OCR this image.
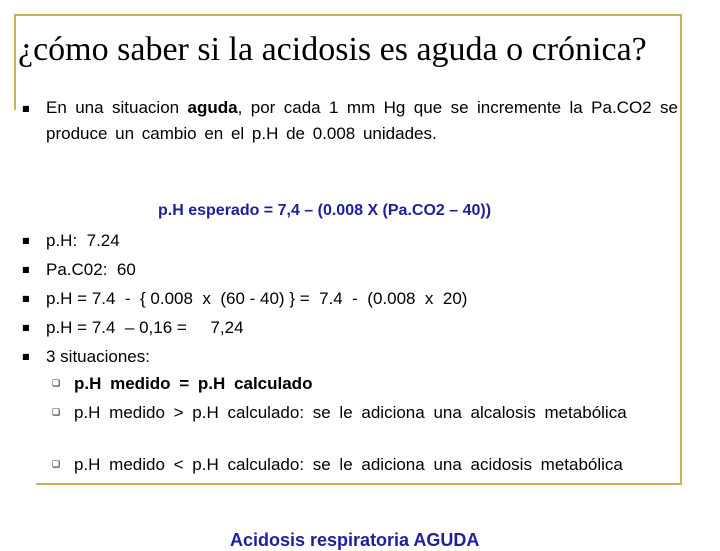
¿cómo saber si la acidosis es aguda o crónica?
■ En una situacion aguda, por cada 1 mm Hg que se incremente la Pa.CO2 se produce un cambio en el p.H de 0.008 unidades.
p.H esperado = 7,4 – (0.008 X (Pa.CO2 – 40))
■ p.H:  7.24
■ Pa.C02:  60
■ p.H = 7.4  -  { 0.008  x  (60 - 40) } =  7.4  -  (0.008  x  20)
■ p.H = 7.4  – 0,16 =     7,24
■ 3 situaciones:
❑ p.H medido = p.H calculado
❑ p.H medido > p.H calculado: se le adiciona una alcalosis metabólica
❑ p.H medido < p.H calculado: se le adiciona una acidosis metabólica
Acidosis respiratoria AGUDA
